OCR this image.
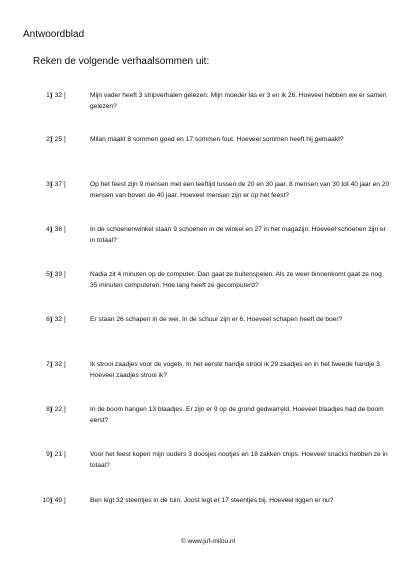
Antwoordblad
Reken de volgende verhaalsommen uit:
1) [ 32 ]	Mijn vader heeft 3 stripverhalen gelezen. Mijn moeder las er 3 en ik 26. Hoeveel hebben we er samen gelezen?
2) [ 25 ]	Milan maakt 8 sommen goed en 17 sommen fout. Hoeveel sommen heeft hij gemaakt?
3) [ 37 ]	Op het feest zijn 9 mensen met een leeftijd tussen de 20 en 30 jaar. 8 mensen van 30 tot 40 jaar en 20 mensen van boven de 40 jaar. Hoeveel mensen zijn er op het feest?
4) [ 36 ]	In de schoenenwinkel staan 9 schoenen in de winkel en 27 in het magazijn. Hoeveel schoenen zijn er in totaal?
5) [ 39 ]	Nadia zit 4 minuten op de computer. Dan gaat ze buitenspelen. Als ze weer binnenkomt gaat ze nog 35 minuten computeren. Hoe lang heeft ze gecomputerd?
6) [ 32 ]	Er staan 26 schapen in de wei. In de schuur zijn er 6. Hoeveel schapen heeft de boer?
7) [ 32 ]	Ik strooi zaadjes voor de vogels. In het eerste handje strooi ik 29 zaadjes en in het tweede handje 3. Hoeveel zaadjes strooi ik?
8) [ 22 ]	In de boom hangen 13 blaadjes. Er zijn er 9 op de grond gedwarreld. Hoeveel blaadjes had de boom eerst?
9) [ 21 ]	Voor het feest kopen mijn ouders 3 doosjes nootjes en 18 zakken chips. Hoeveel snacks hebben ze in totaal?
10) [ 49 ]	Ben legt 32 steentjes in de tuin. Joost legt er 17 steentjes bij. Hoeveel liggen er nu?
© www.juf-milou.nl
